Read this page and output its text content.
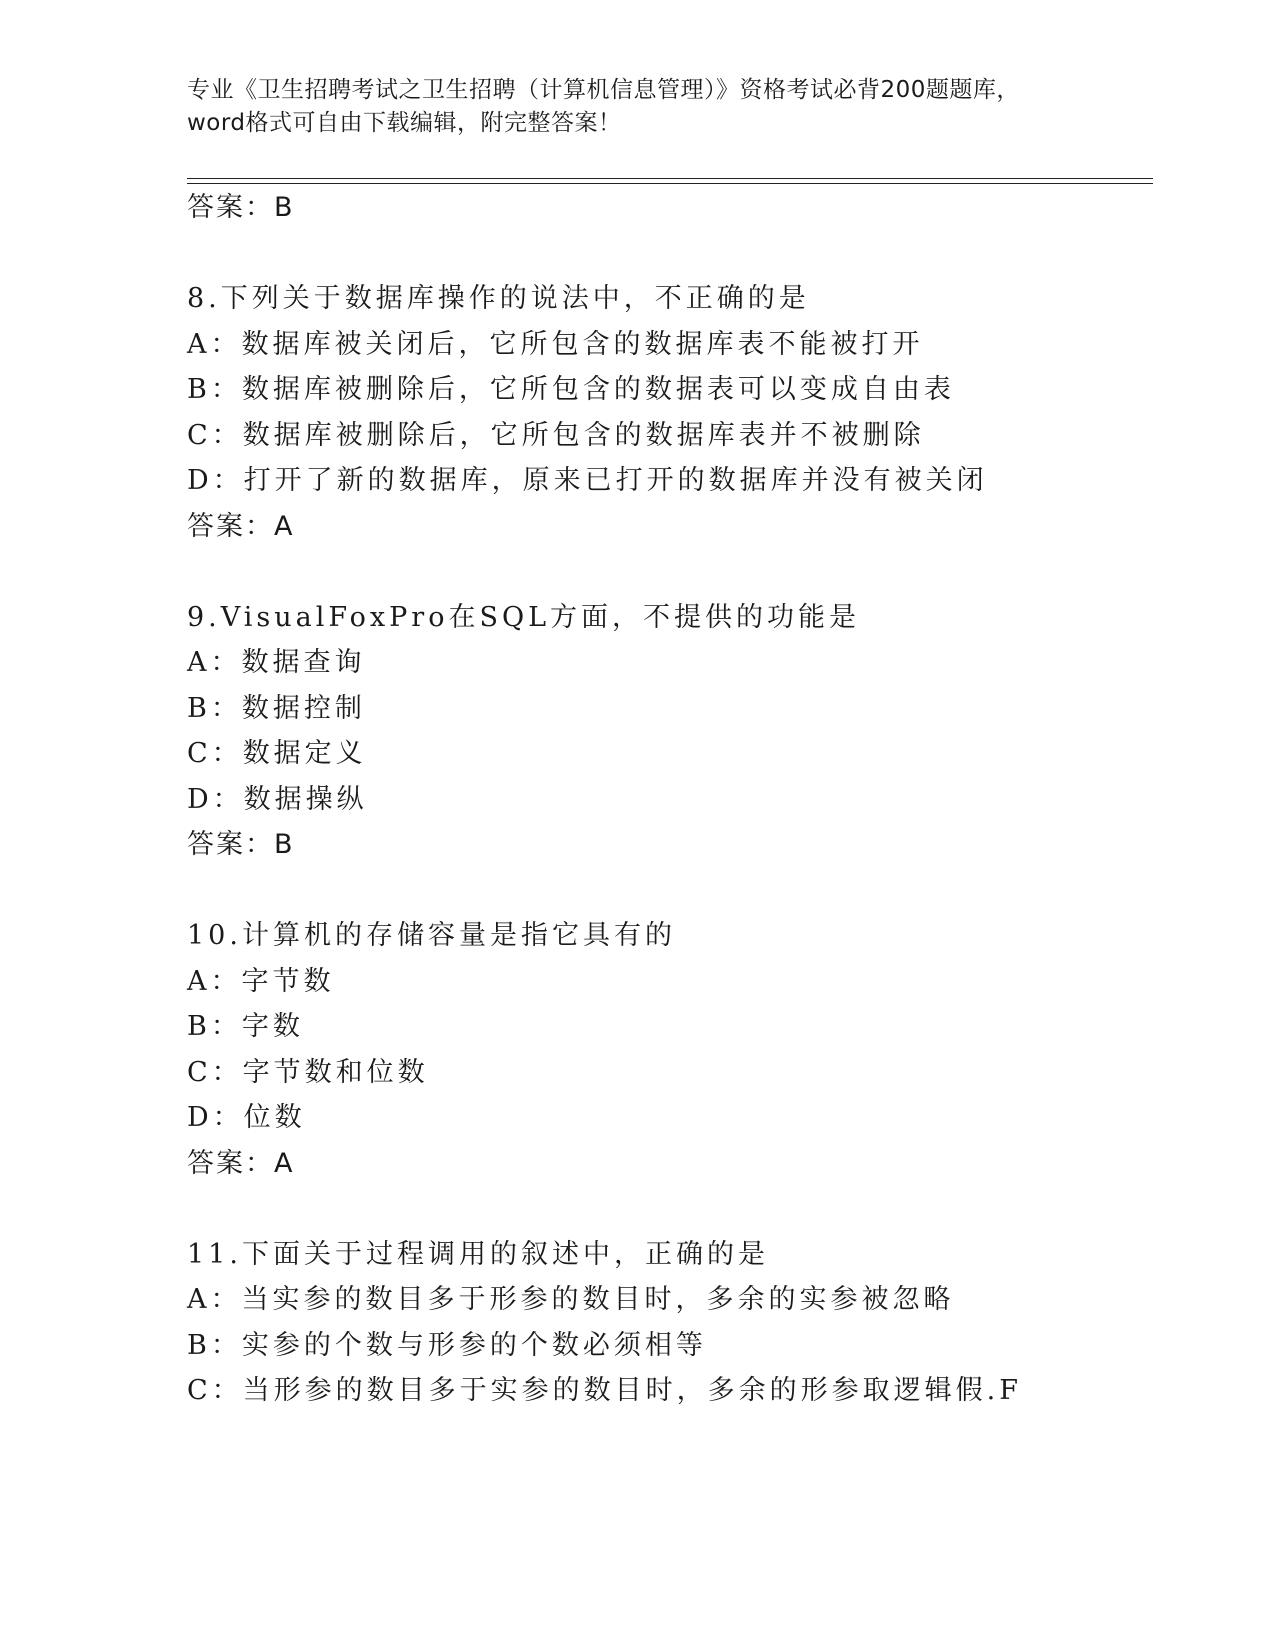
专业《卫生招聘考试之卫生招聘（计算机信息管理）》资格考试必背200题题库，
word格式可自由下载编辑，附完整答案！
答案：B
8.下列关于数据库操作的说法中，不正确的是
A：数据库被关闭后，它所包含的数据库表不能被打开
B：数据库被删除后，它所包含的数据表可以变成自由表
C：数据库被删除后，它所包含的数据库表并不被删除
D：打开了新的数据库，原来已打开的数据库并没有被关闭
答案：A
9.VisualFoxPro在SQL方面，不提供的功能是
A：数据查询
B：数据控制
C：数据定义
D：数据操纵
答案：B
10.计算机的存储容量是指它具有的
A：字节数
B：字数
C：字节数和位数
D：位数
答案：A
11.下面关于过程调用的叙述中，正确的是
A：当实参的数目多于形参的数目时，多余的实参被忽略
B：实参的个数与形参的个数必须相等
C：当形参的数目多于实参的数目时，多余的形参取逻辑假.F
